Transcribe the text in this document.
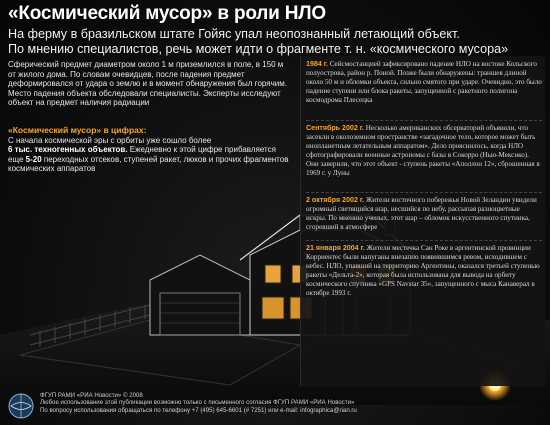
«Космический мусор» в роли НЛО
На ферму в бразильском штате Гойяс упал неопознанный летающий объект.
По мнению специалистов, речь может идти о фрагменте т. н. «космического мусора»
Сферический предмет диаметром около 1 м приземлился в поле, в 150 м от жилого дома. По словам очевидцев, после падения предмет деформировался от удара о землю и в момент обнаружения был горячим. Место падения объекта обследовали специалисты. Эксперты исследуют объект на предмет наличия радиации
«Космический мусор» в цифрах:
С начала космической эры с орбиты уже сошло более
6 тыс. техногенных объектов. Ежедневно к этой цифре прибавляется еще 5-20 переходных отсеков, ступеней ракет, люков и прочих фрагментов космических аппаратов
1984 г. Сейсмостанцией зафиксировано падение НЛО на востоке Кольского полуострова, район р. Поной. Позже были обнаружены: траншея длиной около 50 м и обломки объекта, сильно смятого при ударе. Очевидно, это было падение ступени или блока ракеты, запущенной с ракетного полигона космодрома Плесецка
Сентябрь 2002 г. Несколько американских обсерваторий объявили, что засекли в околоземном пространстве «загадочное тело, которое может быть инопланетным летательным аппаратом». Дело прояснилось, когда НЛО сфотографировали военные астрономы с базы в Сокорро (Нью-Мексико). Они заверили, что этот объект - ступень ракеты «Аполлон 12», сброшенная в 1969 г. у Луны
2 октября 2002 г. Жители восточного побережья Новой Зеландии увидели огромный светящийся шар, несшийся по небу, рассыпая разноцветные искры. По мнению ученых, этот шар – обломок искусственного спутника, сгоревший в атмосфере
21 января 2004 г. Жители местечка Сан Роке в аргентинской провинции Корриентес были напуганы внезапно появившимся ревом, исходившем с небес. НЛО, упавший на территорию Аргентины, оказался третьей ступенью ракеты «Дельта-2», которая была использована для вывода на орбиту космического спутника «GPS Navstar 35», запущенного с мыса Канаверал в октябре 1993 г.
ФГУП РАМИ «РИА Новости» © 2008
Любое использование этой публикации возможно только с письменного согласия ФГУП РАМИ «РИА Новости»
По вопросу использования обращаться по телефону +7 (495) 645-6601 (# 7251) или e-mail: infographica@rian.ru
